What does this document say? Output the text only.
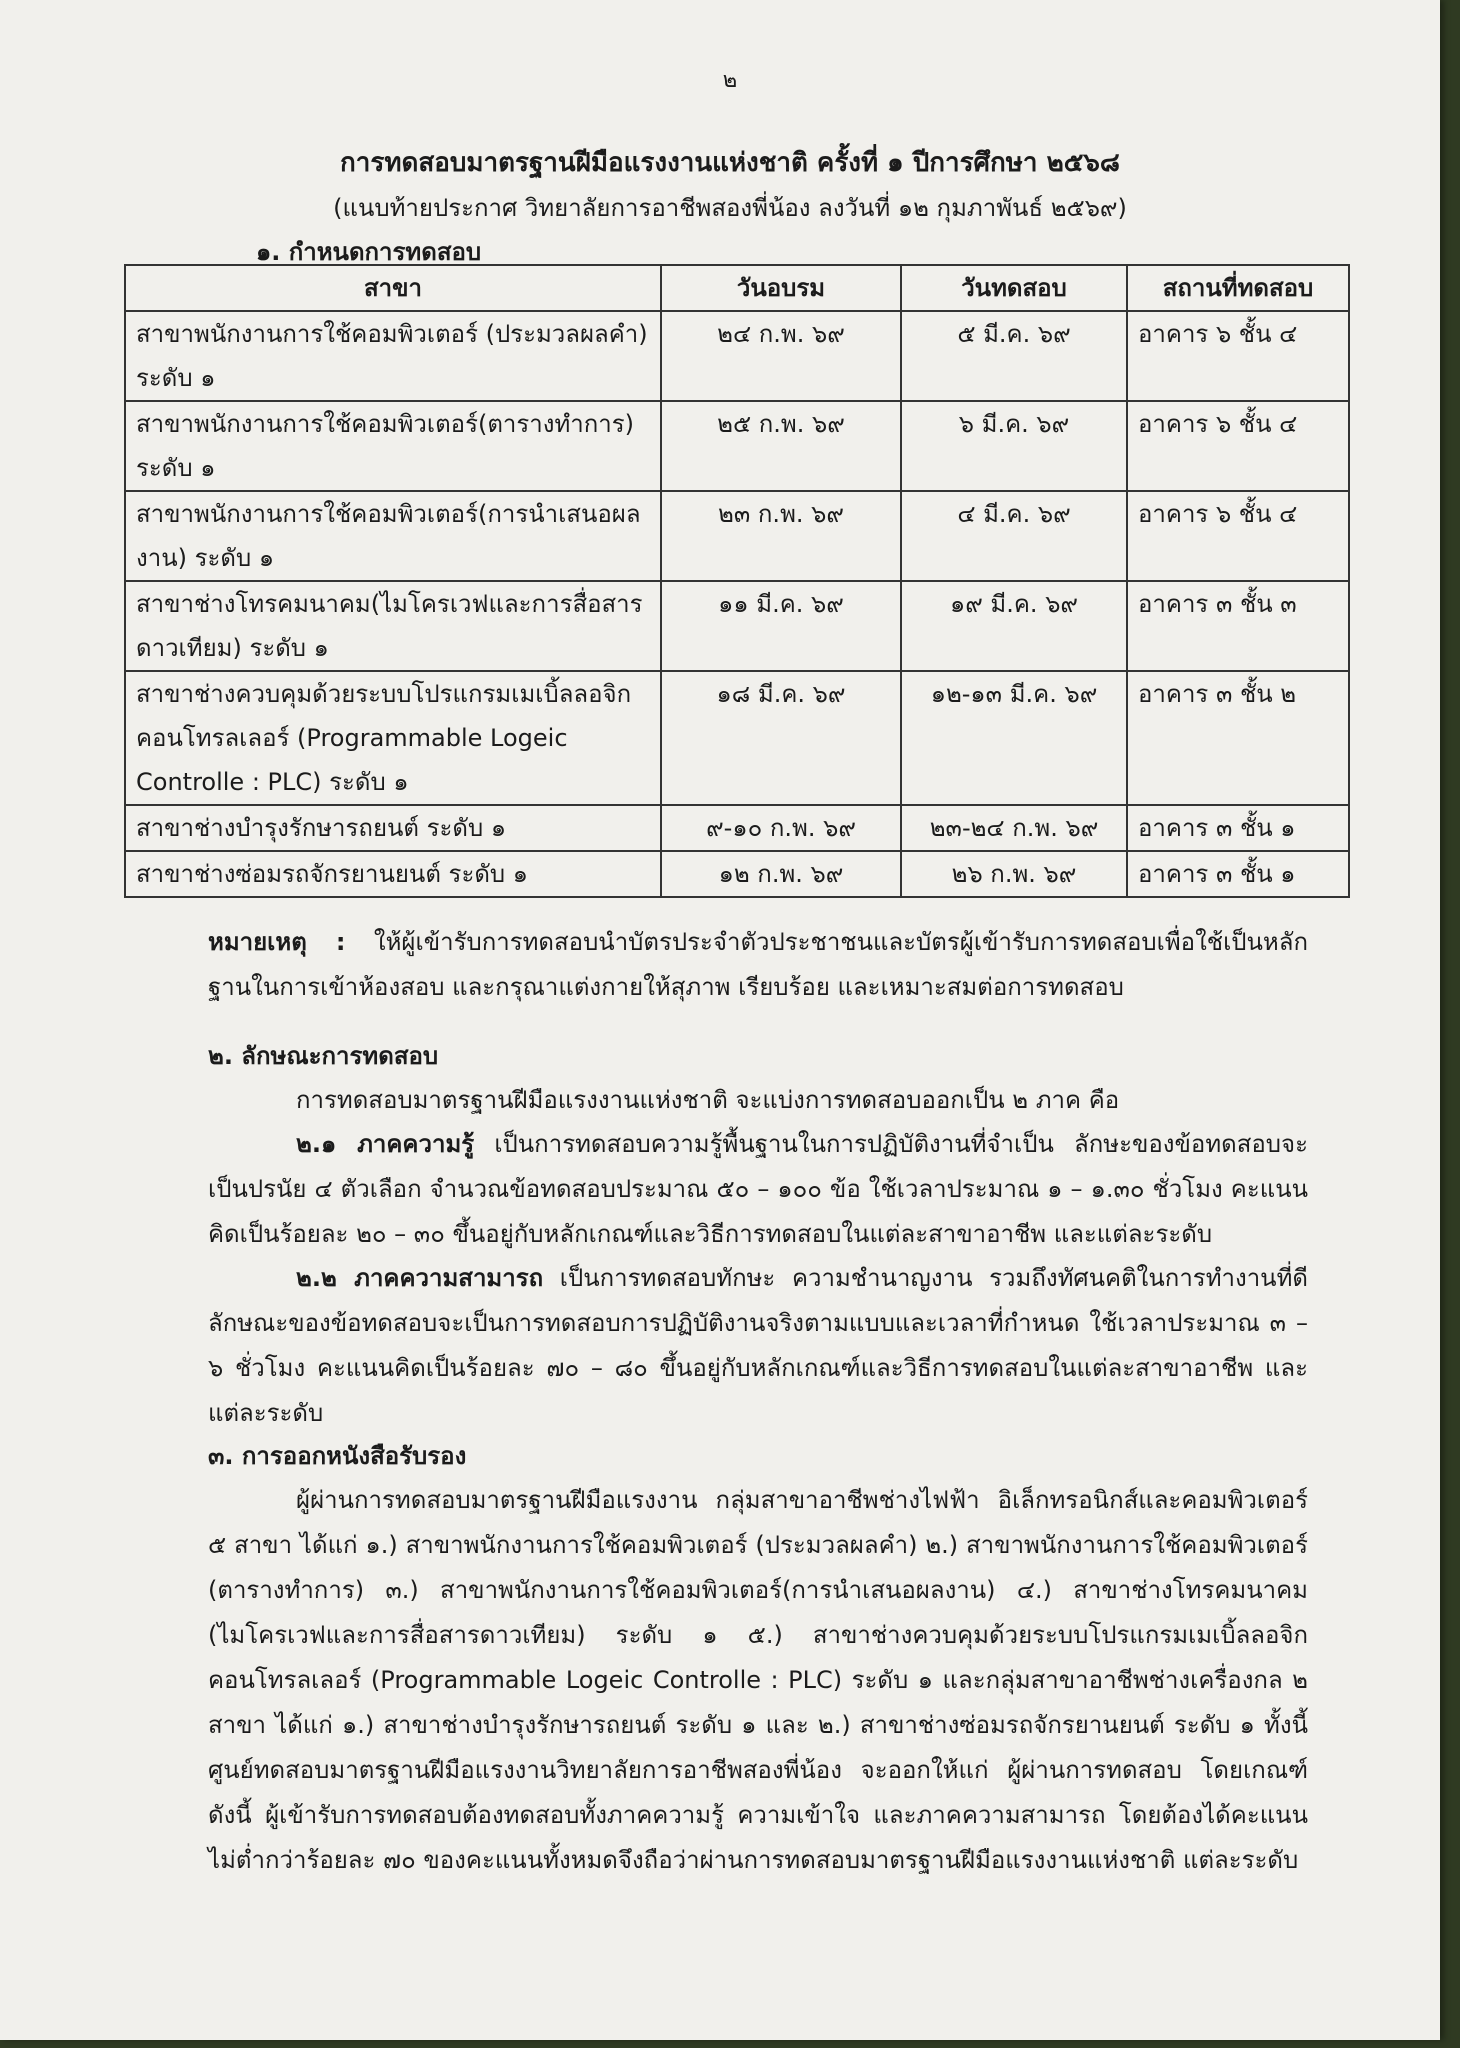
๒
การทดสอบมาตรฐานฝีมือแรงงานแห่งชาติ ครั้งที่ ๑ ปีการศึกษา ๒๕๖๘
(แนบท้ายประกาศ วิทยาลัยการอาชีพสองพี่น้อง ลงวันที่ ๑๒ กุมภาพันธ์ ๒๕๖๙)
๑. กำหนดการทดสอบ
สาขา	วันอบรม	วันทดสอบ	สถานที่ทดสอบ
สาขาพนักงานการใช้คอมพิวเตอร์ (ประมวลผลคำ) ระดับ ๑	๒๔ ก.พ. ๖๙	๕ มี.ค. ๖๙	อาคาร ๖ ชั้น ๔
สาขาพนักงานการใช้คอมพิวเตอร์(ตารางทำการ) ระดับ ๑	๒๕ ก.พ. ๖๙	๖ มี.ค. ๖๙	อาคาร ๖ ชั้น ๔
สาขาพนักงานการใช้คอมพิวเตอร์(การนำเสนอผลงาน) ระดับ ๑	๒๓ ก.พ. ๖๙	๔ มี.ค. ๖๙	อาคาร ๖ ชั้น ๔
สาขาช่างโทรคมนาคม(ไมโครเวฟและการสื่อสารดาวเทียม) ระดับ ๑	๑๑ มี.ค. ๖๙	๑๙ มี.ค. ๖๙	อาคาร ๓ ชั้น ๓
สาขาช่างควบคุมด้วยระบบโปรแกรมเมเบิ้ลลอจิกคอนโทรลเลอร์ (Programmable Logeic Controlle : PLC) ระดับ ๑	๑๘ มี.ค. ๖๙	๑๒-๑๓ มี.ค. ๖๙	อาคาร ๓ ชั้น ๒
สาขาช่างบำรุงรักษารถยนต์ ระดับ ๑	๙-๑๐ ก.พ. ๖๙	๒๓-๒๔ ก.พ. ๖๙	อาคาร ๓ ชั้น ๑
สาขาช่างซ่อมรถจักรยานยนต์ ระดับ ๑	๑๒ ก.พ. ๖๙	๒๖ ก.พ. ๖๙	อาคาร ๓ ชั้น ๑

หมายเหตุ : ให้ผู้เข้ารับการทดสอบนำบัตรประจำตัวประชาชนและบัตรผู้เข้ารับการทดสอบเพื่อใช้เป็นหลักฐานในการเข้าห้องสอบ และกรุณาแต่งกายให้สุภาพ เรียบร้อย และเหมาะสมต่อการทดสอบ

๒. ลักษณะการทดสอบ

การทดสอบมาตรฐานฝีมือแรงงานแห่งชาติ จะแบ่งการทดสอบออกเป็น ๒ ภาค คือ

๒.๑ ภาคความรู้ เป็นการทดสอบความรู้พื้นฐานในการปฏิบัติงานที่จำเป็น ลักษะของข้อทดสอบจะเป็นปรนัย ๔ ตัวเลือก จำนวณข้อทดสอบประมาณ ๕๐ – ๑๐๐ ข้อ ใช้เวลาประมาณ ๑ – ๑.๓๐ ชั่วโมง คะแนนคิดเป็นร้อยละ ๒๐ – ๓๐ ขึ้นอยู่กับหลักเกณฑ์และวิธีการทดสอบในแต่ละสาขาอาชีพ และแต่ละระดับ

๒.๒ ภาคความสามารถ เป็นการทดสอบทักษะ ความชำนาญงาน รวมถึงทัศนคติในการทำงานที่ดี ลักษณะของข้อทดสอบจะเป็นการทดสอบการปฏิบัติงานจริงตามแบบและเวลาที่กำหนด ใช้เวลาประมาณ ๓ – ๖ ชั่วโมง คะแนนคิดเป็นร้อยละ ๗๐ – ๘๐ ขึ้นอยู่กับหลักเกณฑ์และวิธีการทดสอบในแต่ละสาขาอาชีพ และแต่ละระดับ

๓. การออกหนังสือรับรอง

ผู้ผ่านการทดสอบมาตรฐานฝีมือแรงงาน กลุ่มสาขาอาชีพช่างไฟฟ้า อิเล็กทรอนิกส์และคอมพิวเตอร์ ๕ สาขา ได้แก่ ๑.) สาขาพนักงานการใช้คอมพิวเตอร์ (ประมวลผลคำ) ๒.) สาขาพนักงานการใช้คอมพิวเตอร์ (ตารางทำการ) ๓.) สาขาพนักงานการใช้คอมพิวเตอร์(การนำเสนอผลงาน) ๔.) สาขาช่างโทรคมนาคม (ไมโครเวฟและการสื่อสารดาวเทียม) ระดับ ๑ ๕.) สาขาช่างควบคุมด้วยระบบโปรแกรมเมเบิ้ลลอจิก คอนโทรลเลอร์ (Programmable Logeic Controlle : PLC) ระดับ ๑ และกลุ่มสาขาอาชีพช่างเครื่องกล ๒ สาขา ได้แก่ ๑.) สาขาช่างบำรุงรักษารถยนต์ ระดับ ๑ และ ๒.) สาขาช่างซ่อมรถจักรยานยนต์ ระดับ ๑ ทั้งนี้ ศูนย์ทดสอบมาตรฐานฝีมือแรงงานวิทยาลัยการอาชีพสองพี่น้อง จะออกให้แก่ ผู้ผ่านการทดสอบ โดยเกณฑ์ดังนี้ ผู้เข้ารับการทดสอบต้องทดสอบทั้งภาคความรู้ ความเข้าใจ และภาคความสามารถ โดยต้องได้คะแนนไม่ต่ำกว่าร้อยละ ๗๐ ของคะแนนทั้งหมดจึงถือว่าผ่านการทดสอบมาตรฐานฝีมือแรงงานแห่งชาติ แต่ละระดับ
